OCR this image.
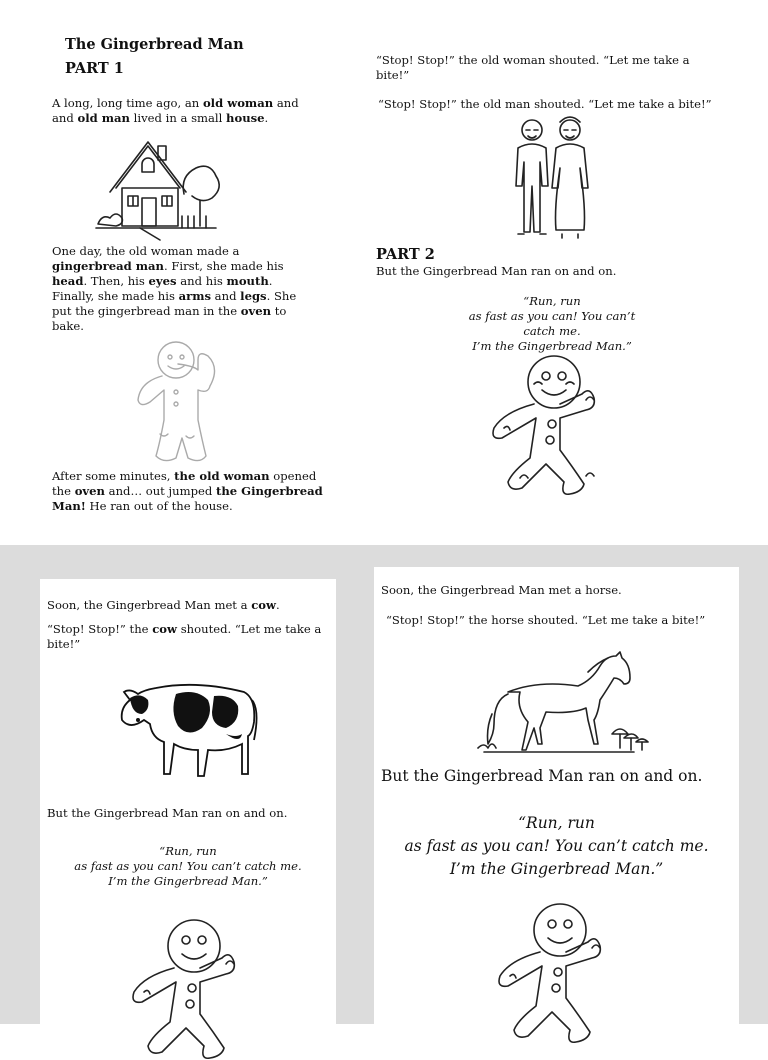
The Gingerbread Man
PART 1
A long, long time ago, an old woman and
and old man lived in a small house.
One day, the old woman made a
gingerbread man. First, she made his
head. Then, his eyes and his mouth.
Finally, she made his arms and legs. She
put the gingerbread man in the oven to
bake.
After some minutes, the old woman opened
the oven and… out jumped the Gingerbread
Man! He ran out of the house.
“Stop! Stop!” the old woman shouted. “Let me take a
bite!”
“Stop! Stop!” the old man shouted. “Let me take a bite!”
PART 2
But the Gingerbread Man ran on and on.
“Run, run
as fast as you can! You can’t
catch me.
I’m the Gingerbread Man.”
Soon, the Gingerbread Man met a cow.
“Stop! Stop!” the cow shouted. “Let me take a
bite!”
But the Gingerbread Man ran on and on.
“Run, run
as fast as you can! You can’t catch me.
I’m the Gingerbread Man.”
Soon, the Gingerbread Man met a horse.
“Stop! Stop!” the horse shouted. “Let me take a bite!”
But the Gingerbread Man ran on and on.
“Run, run
as fast as you can! You can’t catch me.
I’m the Gingerbread Man.”
